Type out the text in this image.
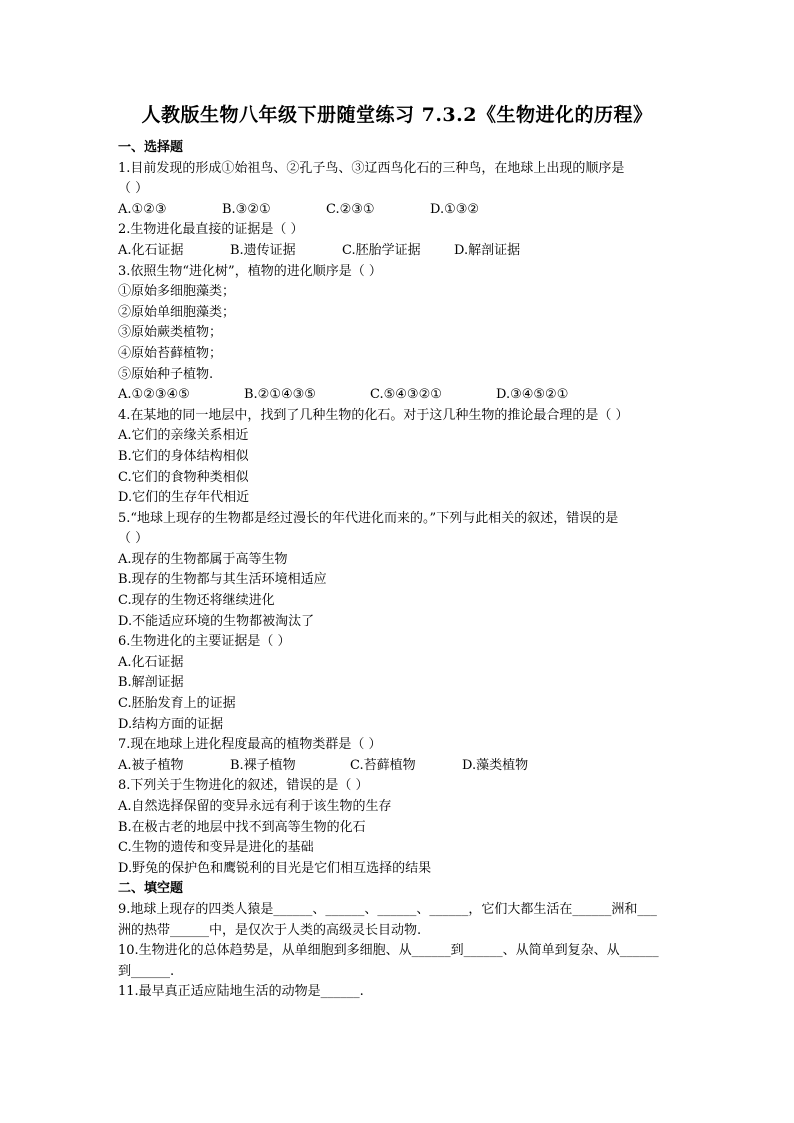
人教版生物八年级下册随堂练习 7.3.2《生物进化的历程》
一、选择题
1.目前发现的形成①始祖鸟、②孔子鸟、③辽西鸟化石的三种鸟，在地球上出现的顺序是
（ ）
A.①②③	B.③②①	C.②③①	D.①③②
2.生物进化最直接的证据是（ ）
A.化石证据	B.遗传证据	C.胚胎学证据	D.解剖证据
3.依照生物“进化树”，植物的进化顺序是（ ）
①原始多细胞藻类；
②原始单细胞藻类；
③原始蕨类植物；
④原始苔藓植物；
⑤原始种子植物.
A.①②③④⑤	B.②①④③⑤	C.⑤④③②①	D.③④⑤②①
4.在某地的同一地层中，找到了几种生物的化石。对于这几种生物的推论最合理的是（ ）
A.它们的亲缘关系相近
B.它们的身体结构相似
C.它们的食物种类相似
D.它们的生存年代相近
5.“地球上现存的生物都是经过漫长的年代进化而来的。”下列与此相关的叙述，错误的是
（ ）
A.现存的生物都属于高等生物
B.现存的生物都与其生活环境相适应
C.现存的生物还将继续进化
D.不能适应环境的生物都被淘汰了
6.生物进化的主要证据是（ ）
A.化石证据
B.解剖证据
C.胚胎发育上的证据
D.结构方面的证据
7.现在地球上进化程度最高的植物类群是（ ）
A.被子植物	B.裸子植物	C.苔藓植物	D.藻类植物
8.下列关于生物进化的叙述，错误的是（ ）
A.自然选择保留的变异永远有利于该生物的生存
B.在极古老的地层中找不到高等生物的化石
C.生物的遗传和变异是进化的基础
D.野兔的保护色和鹰锐利的目光是它们相互选择的结果
二、填空题
9.地球上现存的四类人猿是______、______、______、______，它们大都生活在______洲和___
洲的热带______中，是仅次于人类的高级灵长目动物.
10.生物进化的总体趋势是，从单细胞到多细胞、从______到______、从简单到复杂、从______
到______.
11.最早真正适应陆地生活的动物是______.
